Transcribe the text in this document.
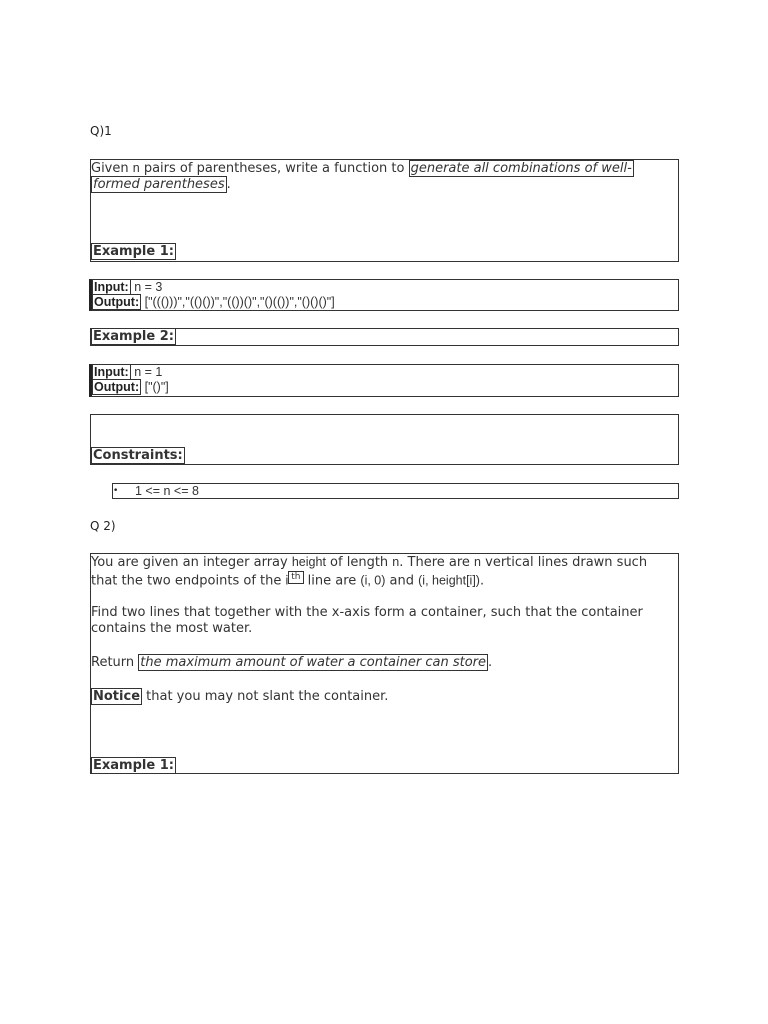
Q)1
Given n pairs of parentheses, write a function to generate all combinations of well-
formed parentheses .
Example 1:
Input: n = 3
Output: ["((()))","(()())","(())()","()(())","()()()"]
Example 2:
Input: n = 1
Output: ["()"]
Constraints:
• 1 <= n <= 8
Q 2)
You are given an integer array height of length n. There are n vertical lines drawn such
that the two endpoints of the i th line are (i, 0) and (i, height[i]).
Find two lines that together with the x-axis form a container, such that the container
contains the most water.
Return the maximum amount of water a container can store .
Notice that you may not slant the container.
Example 1:
